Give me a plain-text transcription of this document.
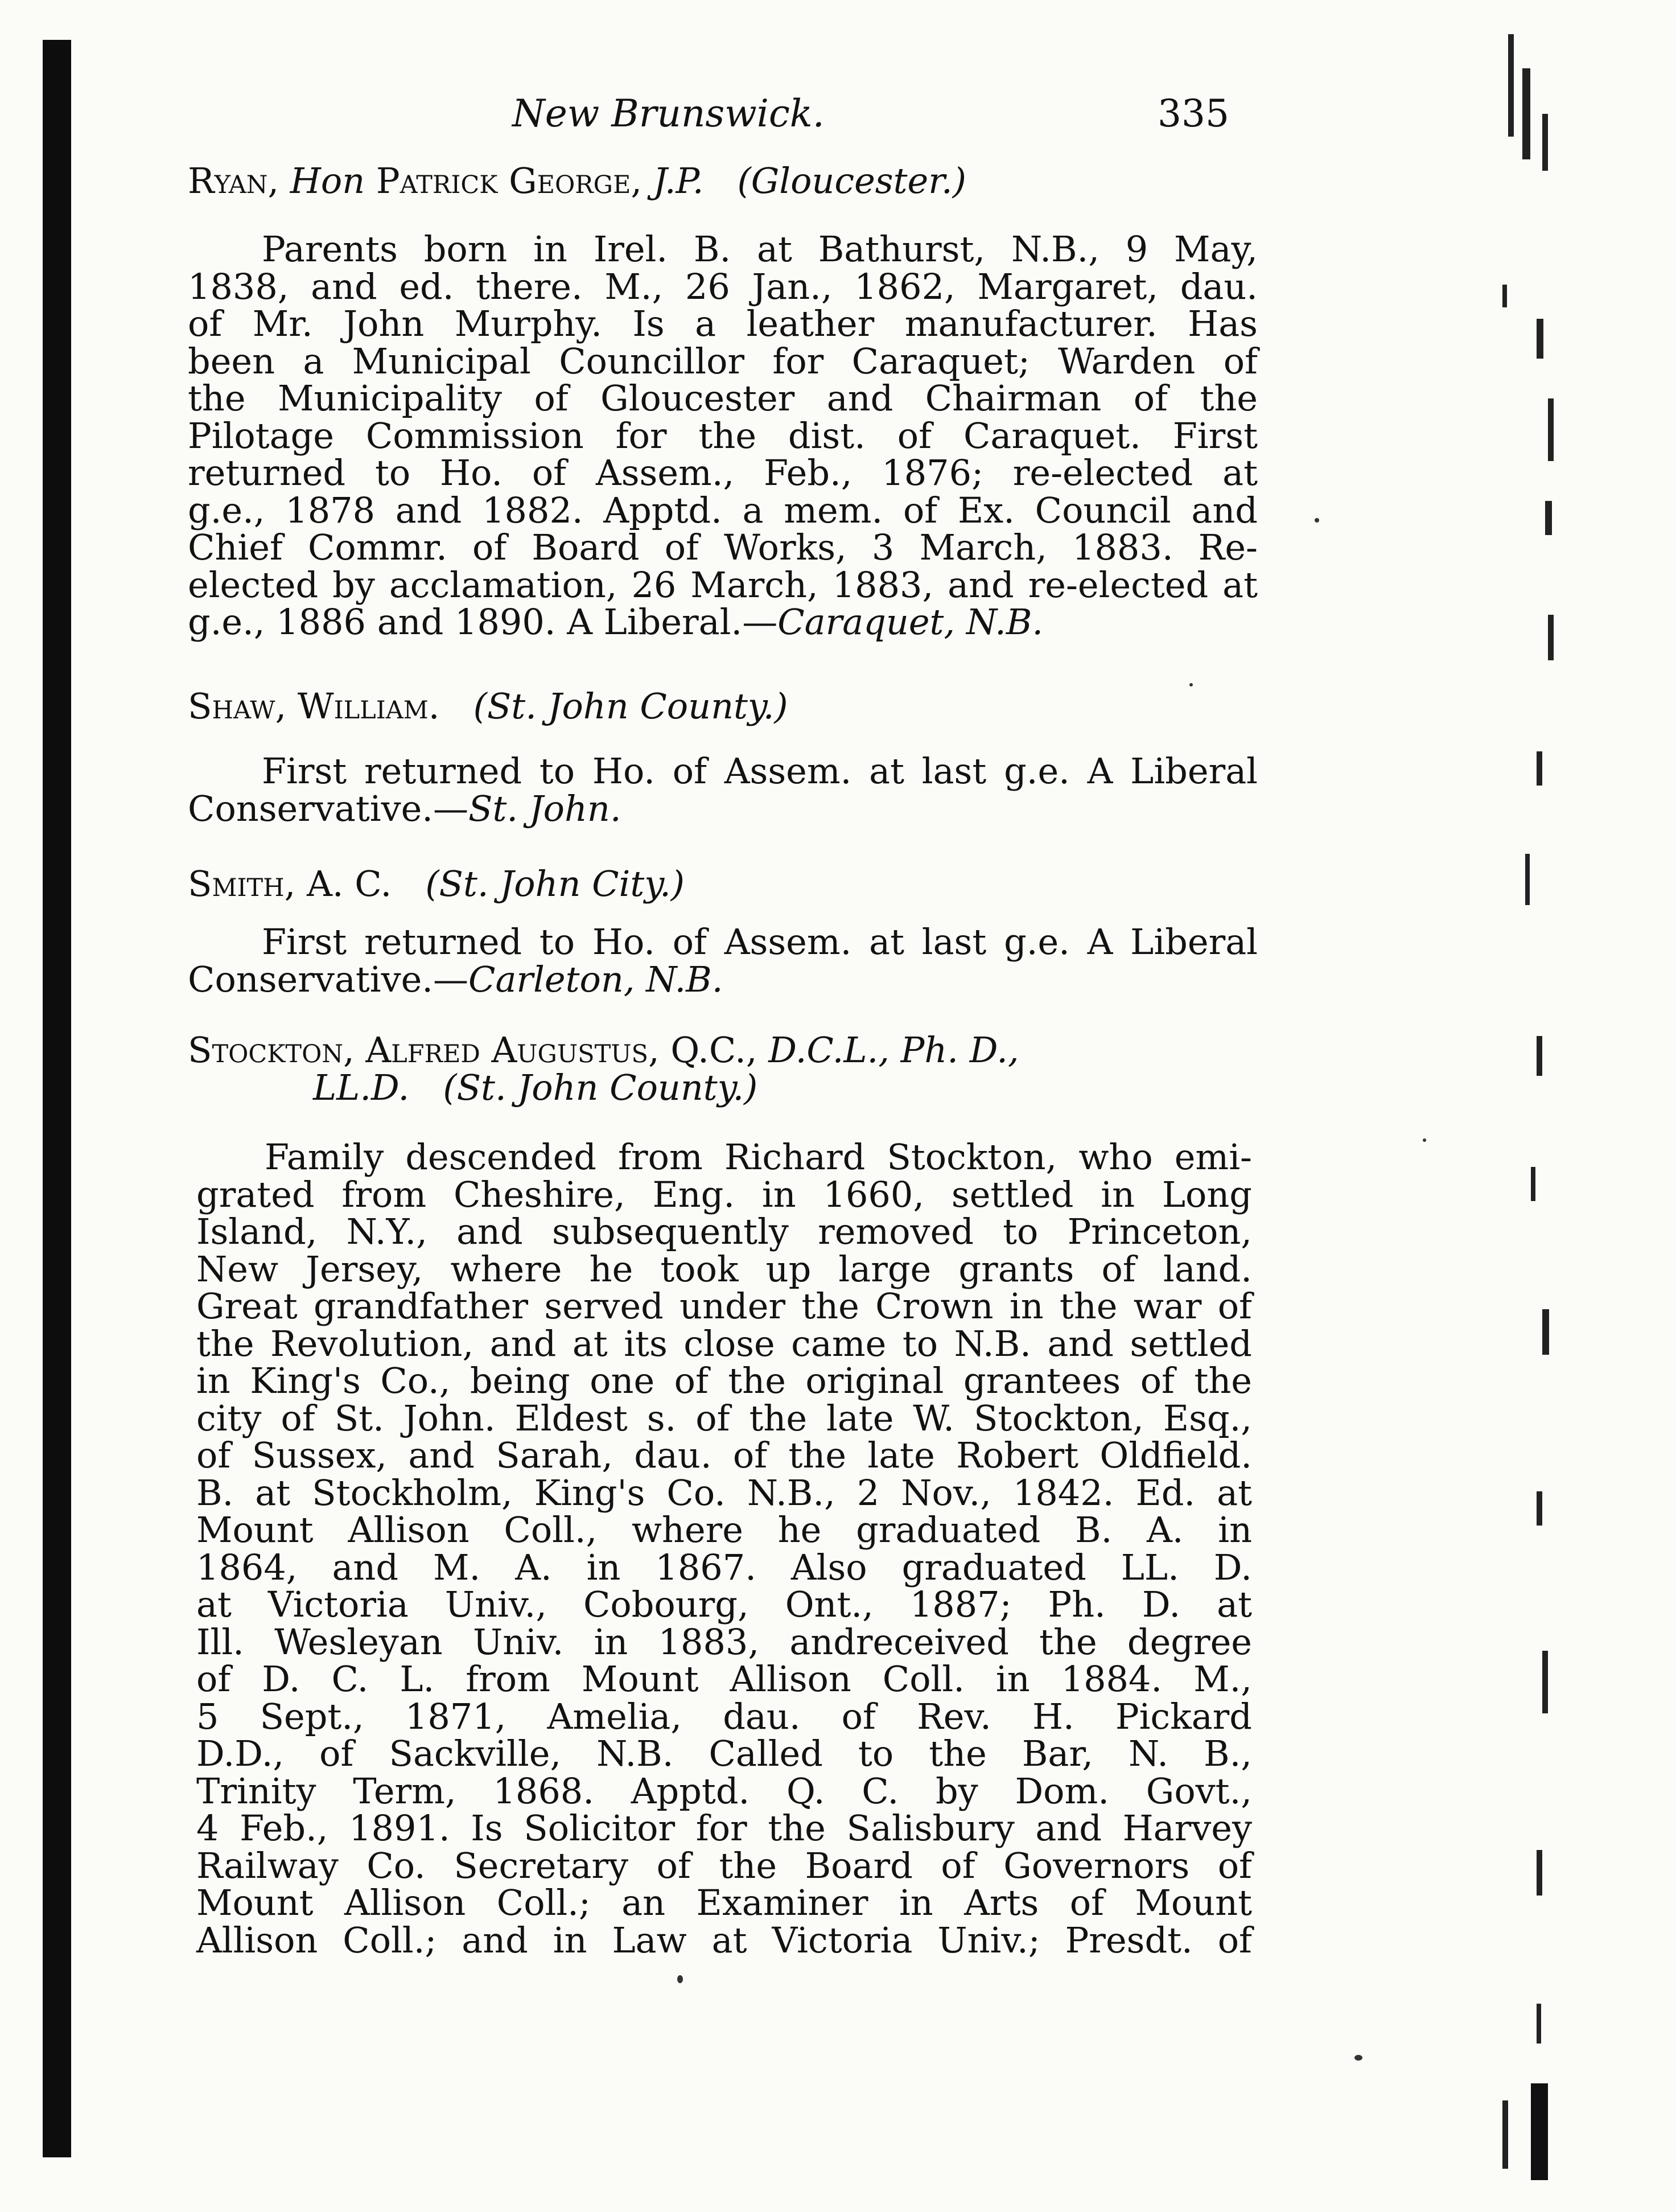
New Brunswick.	335
Ryan, Hon Patrick George, J.P. (Gloucester.)
Parents born in Irel. B. at Bathurst, N.B., 9 May,
1838, and ed. there. M., 26 Jan., 1862, Margaret, dau.
of Mr. John Murphy. Is a leather manufacturer. Has
been a Municipal Councillor for Caraquet; Warden of
the Municipality of Gloucester and Chairman of the
Pilotage Commission for the dist. of Caraquet. First
returned to Ho. of Assem., Feb., 1876; re-elected at
g.e., 1878 and 1882. Apptd. a mem. of Ex. Council and
Chief Commr. of Board of Works, 3 March, 1883. Re-
elected by acclamation, 26 March, 1883, and re-elected at
g.e., 1886 and 1890. A Liberal.—Caraquet, N.B.
Shaw, William. (St. John County.)
First returned to Ho. of Assem. at last g.e. A Liberal
Conservative.—St. John.
Smith, A. C. (St. John City.)
First returned to Ho. of Assem. at last g.e. A Liberal
Conservative.—Carleton, N.B.
Stockton, Alfred Augustus, Q.C., D.C.L., Ph. D.,
LL.D. (St. John County.)
Family descended from Richard Stockton, who emi-
grated from Cheshire, Eng. in 1660, settled in Long
Island, N.Y., and subsequently removed to Princeton,
New Jersey, where he took up large grants of land.
Great grandfather served under the Crown in the war of
the Revolution, and at its close came to N.B. and settled
in King's Co., being one of the original grantees of the
city of St. John. Eldest s. of the late W. Stockton, Esq.,
of Sussex, and Sarah, dau. of the late Robert Oldfield.
B. at Stockholm, King's Co. N.B., 2 Nov., 1842. Ed. at
Mount Allison Coll., where he graduated B. A. in
1864, and M. A. in 1867. Also graduated LL. D.
at Victoria Univ., Cobourg, Ont., 1887; Ph. D. at
Ill. Wesleyan Univ. in 1883, andreceived the degree
of D. C. L. from Mount Allison Coll. in 1884. M.,
5 Sept., 1871, Amelia, dau. of Rev. H. Pickard
D.D., of Sackville, N.B. Called to the Bar, N. B.,
Trinity Term, 1868. Apptd. Q. C. by Dom. Govt.,
4 Feb., 1891. Is Solicitor for the Salisbury and Harvey
Railway Co. Secretary of the Board of Governors of
Mount Allison Coll.; an Examiner in Arts of Mount
Allison Coll.; and in Law at Victoria Univ.; Presdt. of
